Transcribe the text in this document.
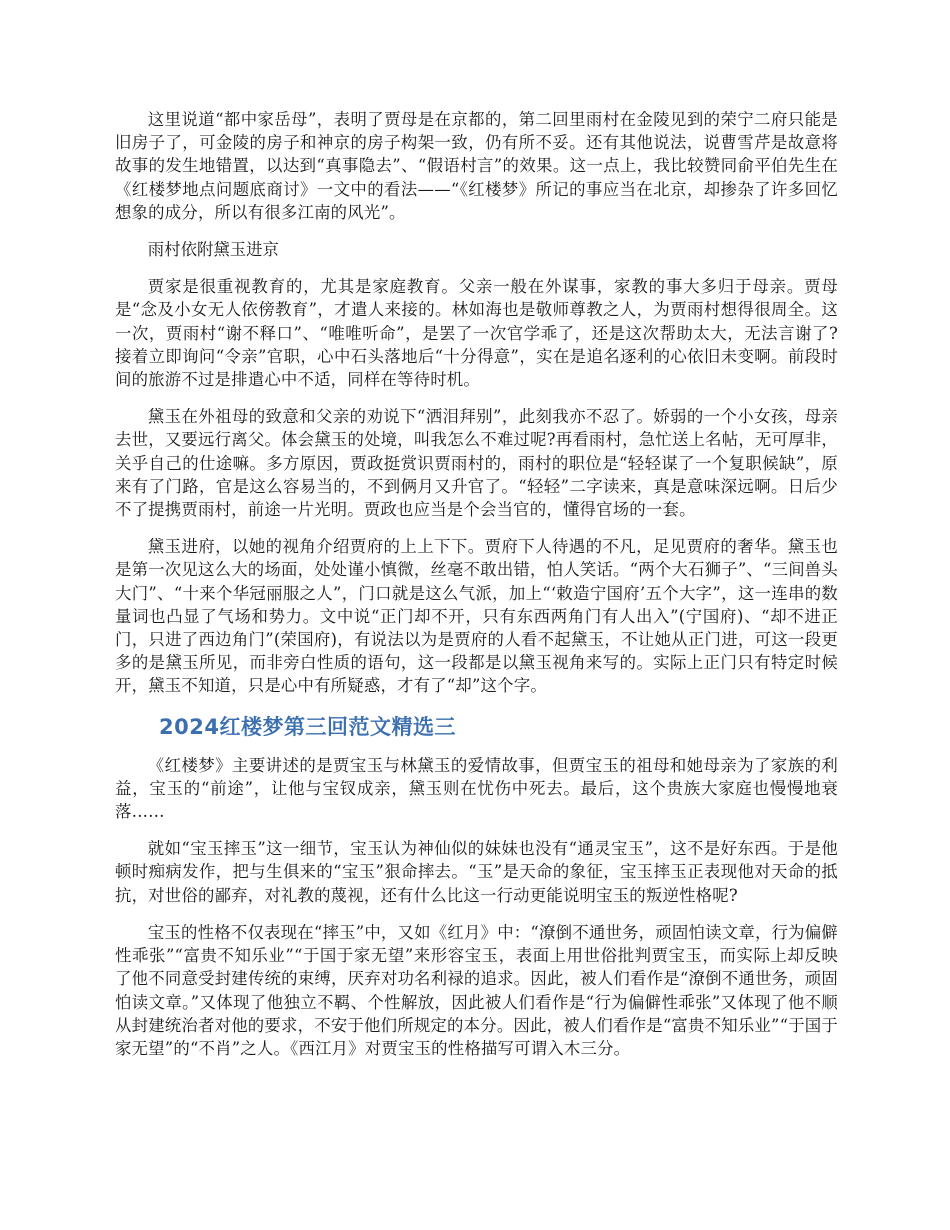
这里说道“都中家岳母”，表明了贾母是在京都的，第二回里雨村在金陵见到的荣宁二府只能是旧房子了，可金陵的房子和神京的房子构架一致，仍有所不妥。还有其他说法，说曹雪芹是故意将故事的发生地错置，以达到“真事隐去”、“假语村言”的效果。这一点上，我比较赞同俞平伯先生在《红楼梦地点问题底商讨》一文中的看法——“《红楼梦》所记的事应当在北京，却掺杂了许多回忆想象的成分，所以有很多江南的风光”。

雨村依附黛玉进京

贾家是很重视教育的，尤其是家庭教育。父亲一般在外谋事，家教的事大多归于母亲。贾母是“念及小女无人依傍教育”，才遣人来接的。林如海也是敬师尊教之人，为贾雨村想得很周全。这一次，贾雨村“谢不释口”、“唯唯听命”，是罢了一次官学乖了，还是这次帮助太大，无法言谢了?接着立即询问“令亲”官职，心中石头落地后“十分得意”，实在是追名逐利的心依旧未变啊。前段时间的旅游不过是排遣心中不适，同样在等待时机。

黛玉在外祖母的致意和父亲的劝说下“洒泪拜别”，此刻我亦不忍了。娇弱的一个小女孩，母亲去世，又要远行离父。体会黛玉的处境，叫我怎么不难过呢?再看雨村，急忙送上名帖，无可厚非，关乎自己的仕途嘛。多方原因，贾政挺赏识贾雨村的，雨村的职位是“轻轻谋了一个复职候缺”，原来有了门路，官是这么容易当的，不到俩月又升官了。“轻轻”二字读来，真是意味深远啊。日后少不了提携贾雨村，前途一片光明。贾政也应当是个会当官的，懂得官场的一套。

黛玉进府，以她的视角介绍贾府的上上下下。贾府下人待遇的不凡，足见贾府的奢华。黛玉也是第一次见这么大的场面，处处谨小慎微，丝毫不敢出错，怕人笑话。“两个大石狮子”、“三间兽头大门”、“十来个华冠丽服之人”，门口就是这么气派，加上“‘敕造宁国府’五个大字”，这一连串的数量词也凸显了气场和势力。文中说“正门却不开，只有东西两角门有人出入”(宁国府)、“却不进正门，只进了西边角门”(荣国府)，有说法以为是贾府的人看不起黛玉，不让她从正门进，可这一段更多的是黛玉所见，而非旁白性质的语句，这一段都是以黛玉视角来写的。实际上正门只有特定时候开，黛玉不知道，只是心中有所疑惑，才有了“却”这个字。

2024红楼梦第三回范文精选三

《红楼梦》主要讲述的是贾宝玉与林黛玉的爱情故事，但贾宝玉的祖母和她母亲为了家族的利益，宝玉的“前途”，让他与宝钗成亲，黛玉则在忧伤中死去。最后，这个贵族大家庭也慢慢地衰落……

就如“宝玉摔玉”这一细节，宝玉认为神仙似的妹妹也没有“通灵宝玉”，这不是好东西。于是他顿时痴病发作，把与生俱来的“宝玉”狠命摔去。“玉”是天命的象征，宝玉摔玉正表现他对天命的抵抗，对世俗的鄙弃，对礼教的蔑视，还有什么比这一行动更能说明宝玉的叛逆性格呢?

宝玉的性格不仅表现在“摔玉”中，又如《红月》中：“潦倒不通世务，顽固怕读文章，行为偏僻性乖张”“富贵不知乐业”“于国于家无望”来形容宝玉，表面上用世俗批判贾宝玉，而实际上却反映了他不同意受封建传统的束缚，厌弃对功名利禄的追求。因此，被人们看作是“潦倒不通世务，顽固怕读文章。”又体现了他独立不羁、个性解放，因此被人们看作是“行为偏僻性乖张”又体现了他不顺从封建统治者对他的要求，不安于他们所规定的本分。因此，被人们看作是“富贵不知乐业”“于国于家无望”的“不肖”之人。《西江月》对贾宝玉的性格描写可谓入木三分。
